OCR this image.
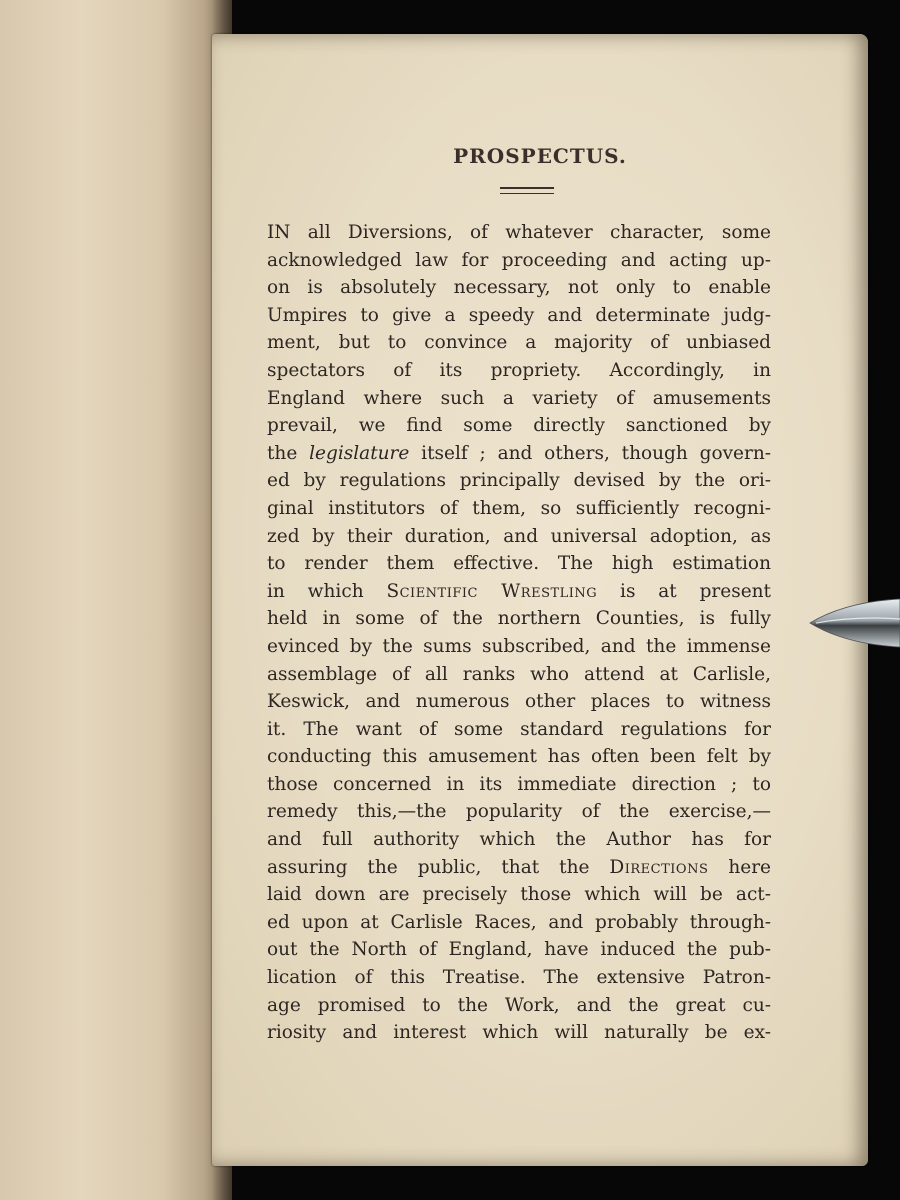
PROSPECTUS.
IN all Diversions, of whatever character, some
acknowledged law for proceeding and acting up-
on is absolutely necessary, not only to enable
Umpires to give a speedy and determinate judg-
ment, but to convince a majority of unbiased
spectators of its propriety. Accordingly, in
England where such a variety of amusements
prevail, we find some directly sanctioned by
the legislature itself ; and others, though govern-
ed by regulations principally devised by the ori-
ginal institutors of them, so sufficiently recogni-
zed by their duration, and universal adoption, as
to render them effective. The high estimation
in which Scientific Wrestling is at present
held in some of the northern Counties, is fully
evinced by the sums subscribed, and the immense
assemblage of all ranks who attend at Carlisle,
Keswick, and numerous other places to witness
it. The want of some standard regulations for
conducting this amusement has often been felt by
those concerned in its immediate direction ; to
remedy this,—the popularity of the exercise,—
and full authority which the Author has for
assuring the public, that the Directions here
laid down are precisely those which will be act-
ed upon at Carlisle Races, and probably through-
out the North of England, have induced the pub-
lication of this Treatise. The extensive Patron-
age promised to the Work, and the great cu-
riosity and interest which will naturally be ex-
